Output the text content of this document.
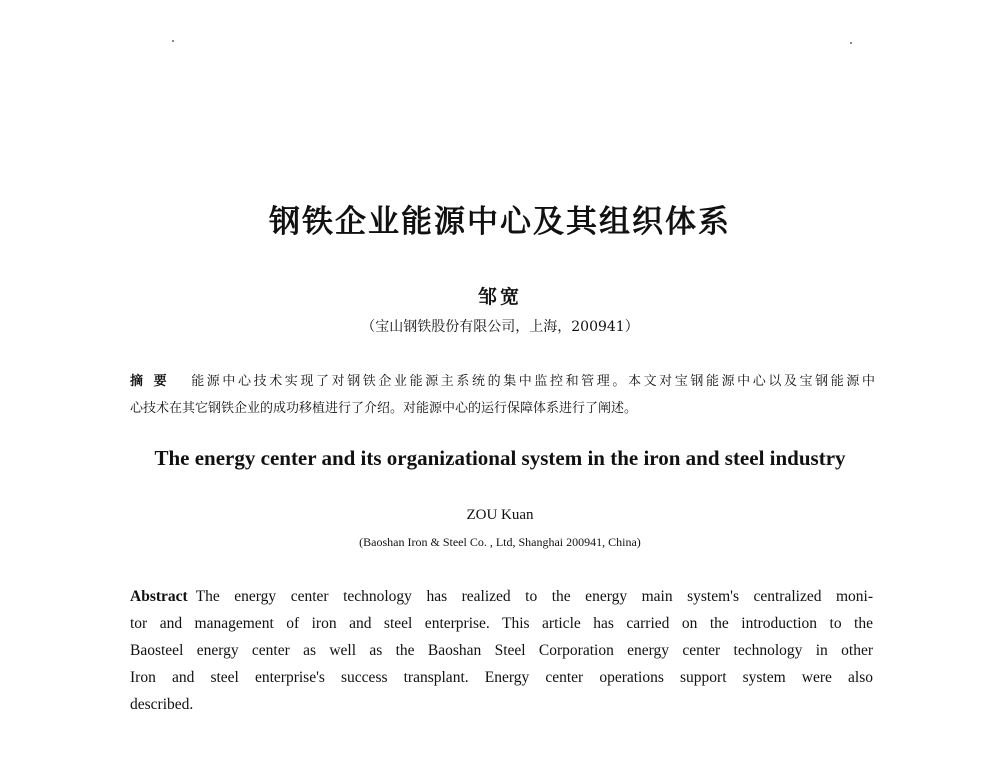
钢铁企业能源中心及其组织体系
邹宽
（宝山钢铁股份有限公司，上海，200941）
摘要 能源中心技术实现了对钢铁企业能源主系统的集中监控和管理。本文对宝钢能源中心以及宝钢能源中
心技术在其它钢铁企业的成功移植进行了介绍。对能源中心的运行保障体系进行了阐述。
The energy center and its organizational system in the iron and steel industry
ZOU Kuan
(Baoshan Iron & Steel Co. , Ltd, Shanghai 200941, China)
Abstract The energy center technology has realized to the energy main system's centralized moni-
tor and management of iron and steel enterprise. This article has carried on the introduction to the
Baosteel energy center as well as the Baoshan Steel Corporation energy center technology in other
Iron and steel enterprise's success transplant. Energy center operations support system were also
described.
